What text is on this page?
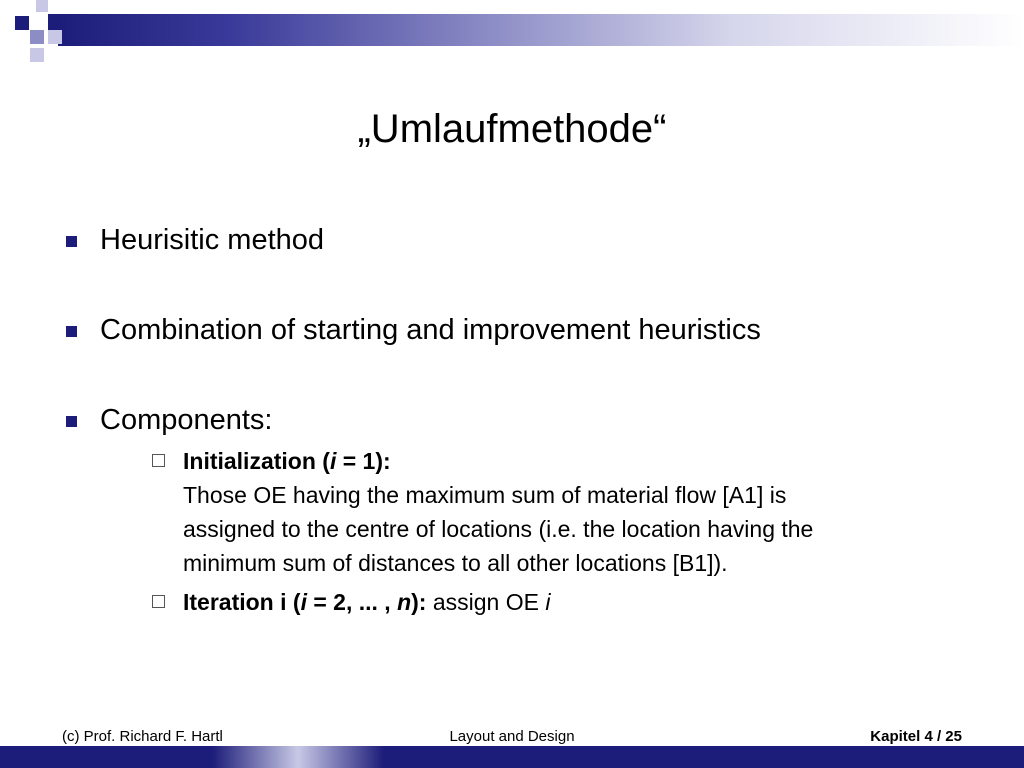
„Umlaufmethode“
Heurisitic method
Combination of starting and improvement heuristics
Components:
Initialization (i = 1):
Those OE having the maximum sum of material flow [A1] is
assigned to the centre of locations (i.e. the location having the
minimum sum of distances to all other locations [B1]).
Iteration i (i = 2, ... , n): assign OE i
(c) Prof. Richard F. Hartl	Layout and Design	Kapitel 4 / 25
